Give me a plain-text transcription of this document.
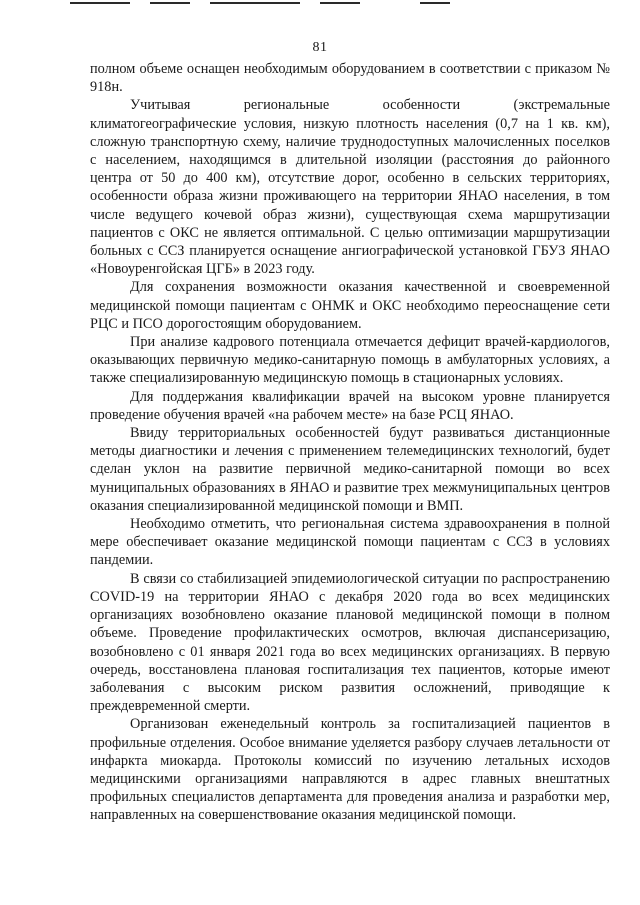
81

полном объеме оснащен необходимым оборудованием в соответствии с приказом № 918н.

Учитывая региональные особенности (экстремальные климатогеографические условия, низкую плотность населения (0,7 на 1 кв. км), сложную транспортную схему, наличие труднодоступных малочисленных поселков с населением, находящимся в длительной изоляции (расстояния до районного центра от 50 до 400 км), отсутствие дорог, особенно в сельских территориях, особенности образа жизни проживающего на территории ЯНАО населения, в том числе ведущего кочевой образ жизни), существующая схема маршрутизации пациентов с ОКС не является оптимальной. С целью оптимизации маршрутизации больных с ССЗ планируется оснащение ангиографической установкой ГБУЗ ЯНАО «Новоуренгойская ЦГБ» в 2023 году.

Для сохранения возможности оказания качественной и своевременной медицинской помощи пациентам с ОНМК и ОКС необходимо переоснащение сети РЦС и ПСО дорогостоящим оборудованием.

При анализе кадрового потенциала отмечается дефицит врачей-кардиологов, оказывающих первичную медико-санитарную помощь в амбулаторных условиях, а также специализированную медицинскую помощь в стационарных условиях.

Для поддержания квалификации врачей на высоком уровне планируется проведение обучения врачей «на рабочем месте» на базе РСЦ ЯНАО.

Ввиду территориальных особенностей будут развиваться дистанционные методы диагностики и лечения с применением телемедицинских технологий, будет сделан уклон на развитие первичной медико-санитарной помощи во всех муниципальных образованиях в ЯНАО и развитие трех межмуниципальных центров оказания специализированной медицинской помощи и ВМП.

Необходимо отметить, что региональная система здравоохранения в полной мере обеспечивает оказание медицинской помощи пациентам с ССЗ в условиях пандемии.

В связи со стабилизацией эпидемиологической ситуации по распространению COVID-19 на территории ЯНАО с декабря 2020 года во всех медицинских организациях возобновлено оказание плановой медицинской помощи в полном объеме. Проведение профилактических осмотров, включая диспансеризацию, возобновлено с 01 января 2021 года во всех медицинских организациях. В первую очередь, восстановлена плановая госпитализация тех пациентов, которые имеют заболевания с высоким риском развития осложнений, приводящие к преждевременной смерти.

Организован еженедельный контроль за госпитализацией пациентов в профильные отделения. Особое внимание уделяется разбору случаев летальности от инфаркта миокарда. Протоколы комиссий по изучению летальных исходов медицинскими организациями направляются в адрес главных внештатных профильных специалистов департамента для проведения анализа и разработки мер, направленных на совершенствование оказания медицинской помощи.
